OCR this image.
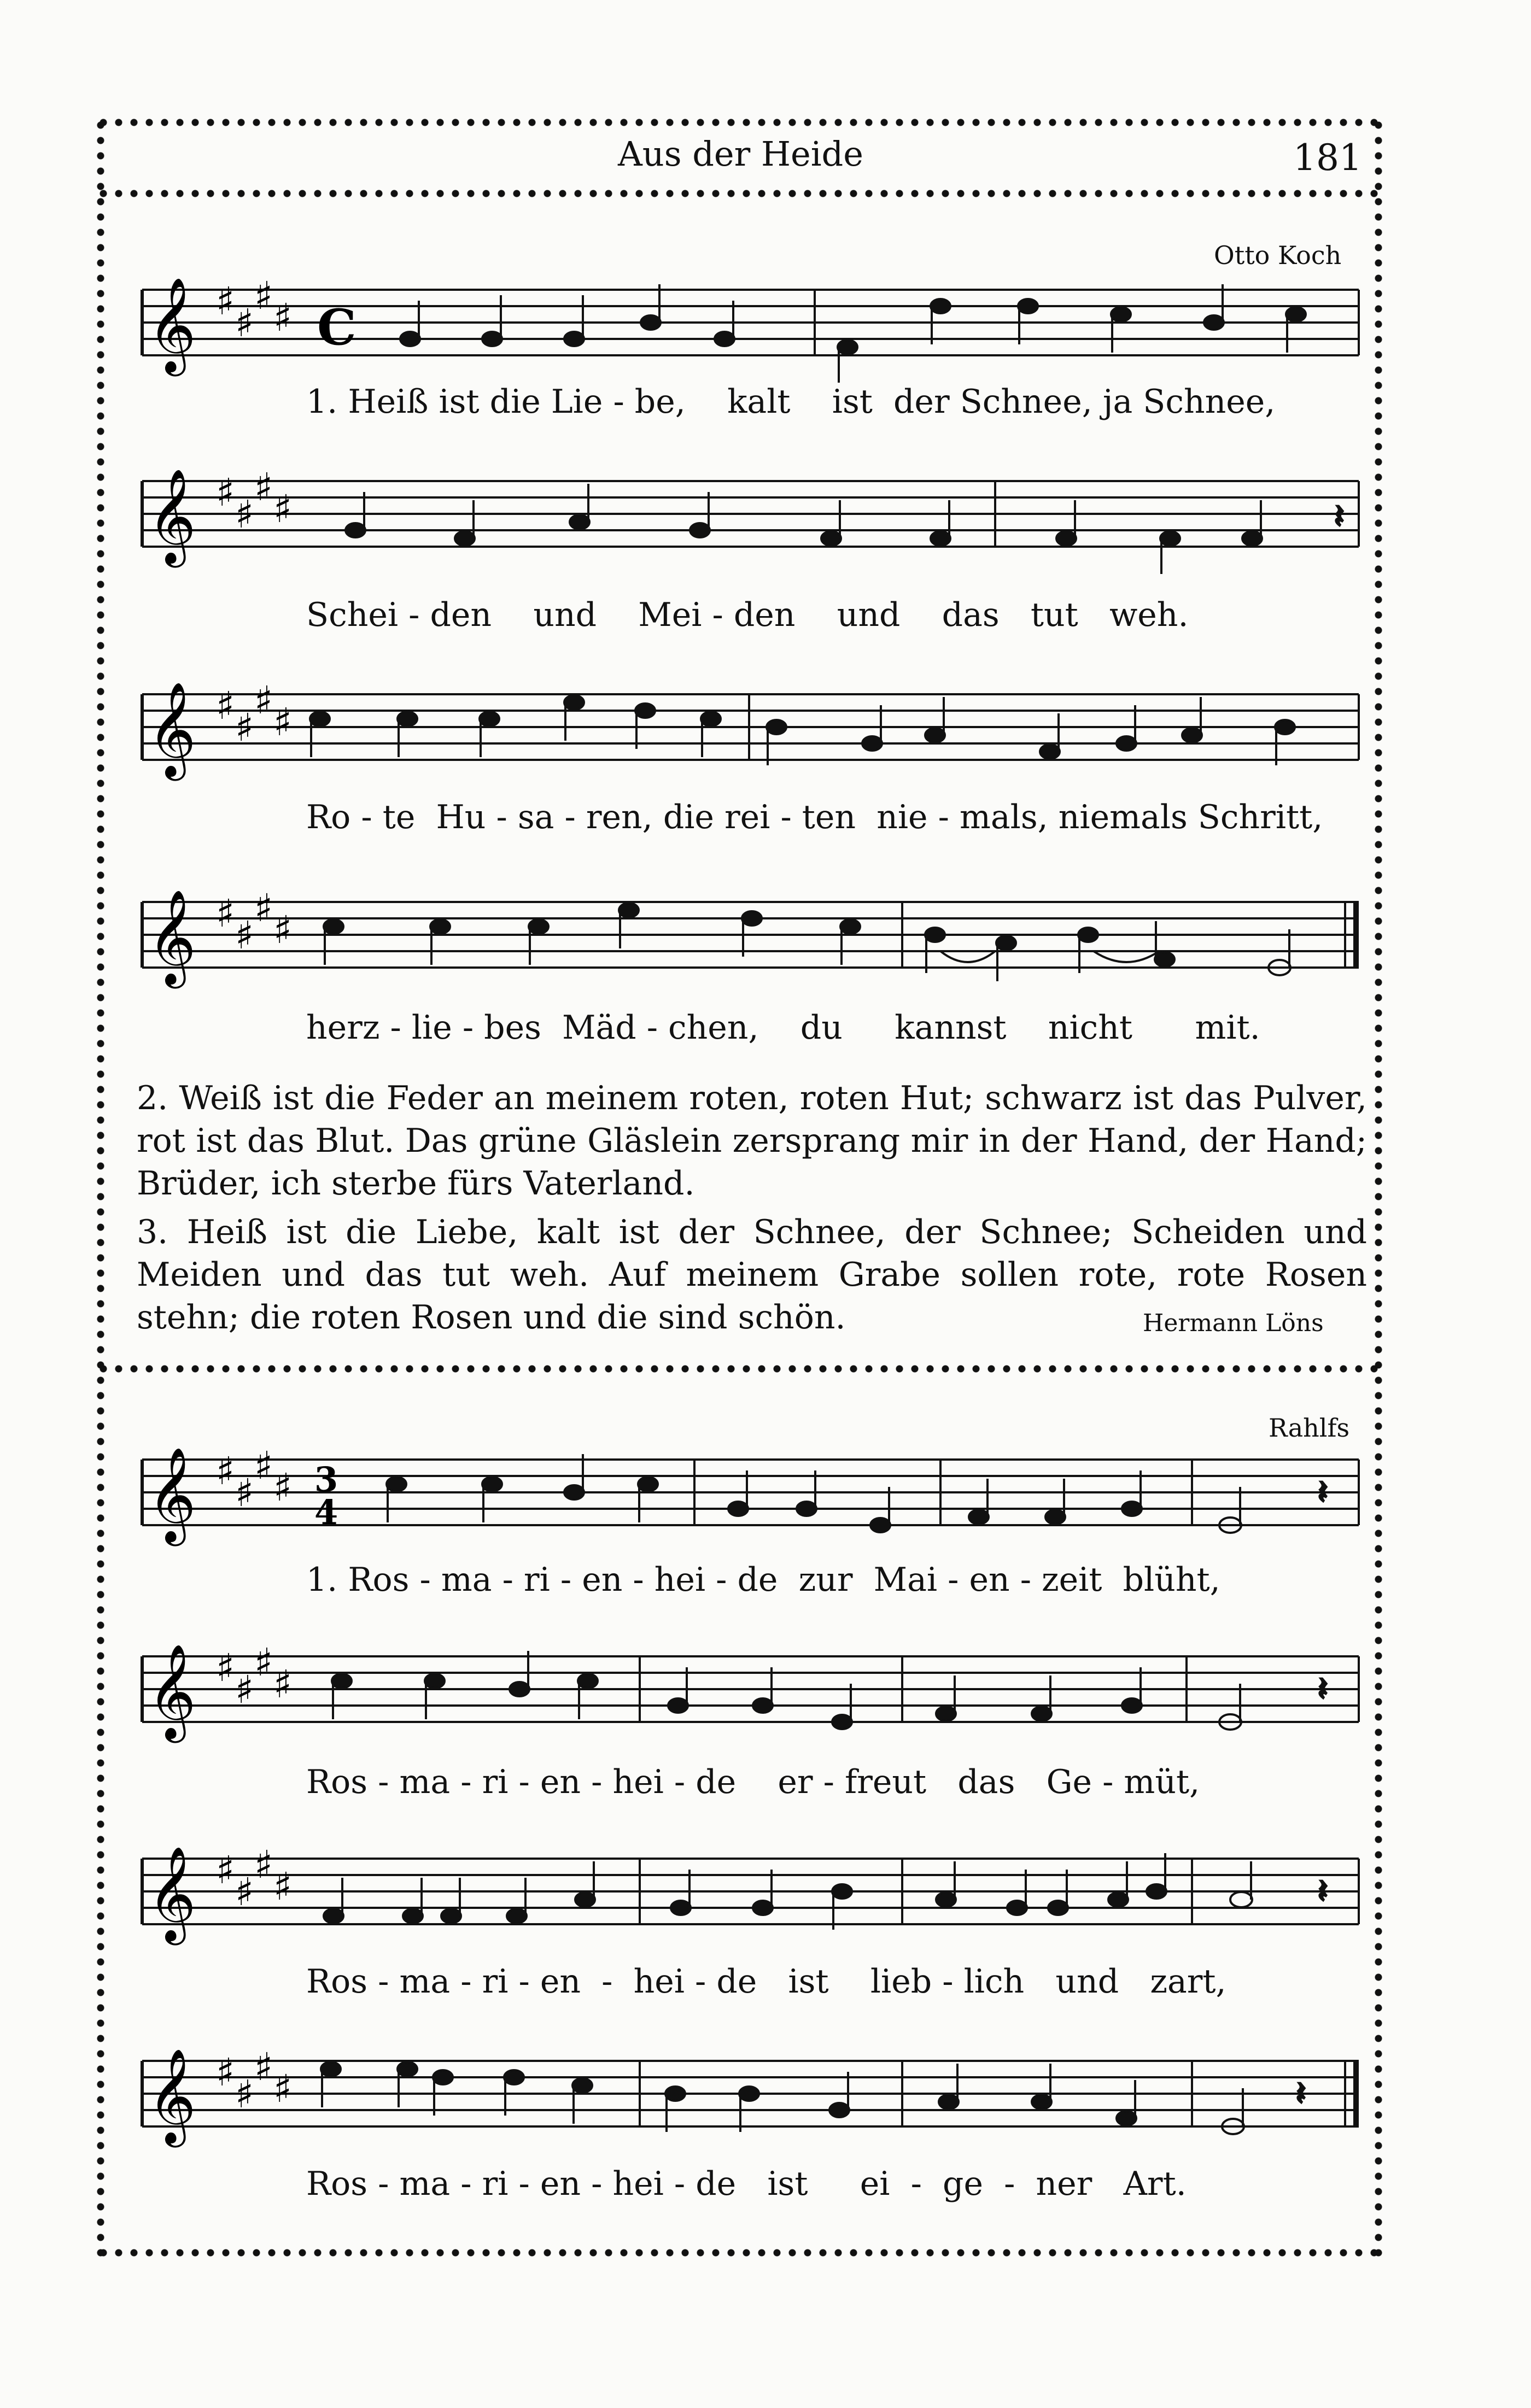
Aus der Heide	181
Otto Koch
𝄞 ♯ ♯
♯ ♯ C
1. Heiß ist die Lie - be,    kalt    ist  der Schnee, ja Schnee,
𝄞 ♯ ♯
♯ ♯	𝄽
Schei - den    und    Mei - den    und    das   tut   weh.
𝄞 ♯ ♯
♯ ♯
Ro - te  Hu - sa - ren, die rei - ten  nie - mals, niemals Schritt,
𝄞 ♯ ♯
♯ ♯
herz - lie - bes  Mäd - chen,    du     kannst    nicht      mit.

2. Weiß ist die Feder an meinem roten, roten Hut; schwarz ist das Pulver, rot ist das Blut. Das grüne Gläslein zersprang mir in der Hand, der Hand; Brüder, ich sterbe fürs Vaterland.

3. Heiß ist die Liebe, kalt ist der Schnee, der Schnee; Scheiden und Meiden und das tut weh. Auf meinem Grabe sollen rote, rote Rosen stehn; die roten Rosen und die sind schön.	Hermann Löns
Rahlfs
𝄞 ♯ ♯
♯ ♯ 3
4	𝄽
1. Ros - ma - ri - en - hei - de  zur  Mai - en - zeit  blüht,
𝄞 ♯ ♯
♯ ♯	𝄽
Ros - ma - ri - en - hei - de    er - freut   das   Ge - müt,
𝄞 ♯ ♯
♯ ♯	𝄽
Ros - ma - ri - en  -  hei - de   ist    lieb - lich   und   zart,
𝄞 ♯ ♯
♯ ♯	𝄽
Ros - ma - ri - en - hei - de   ist     ei  -  ge  -  ner   Art.
